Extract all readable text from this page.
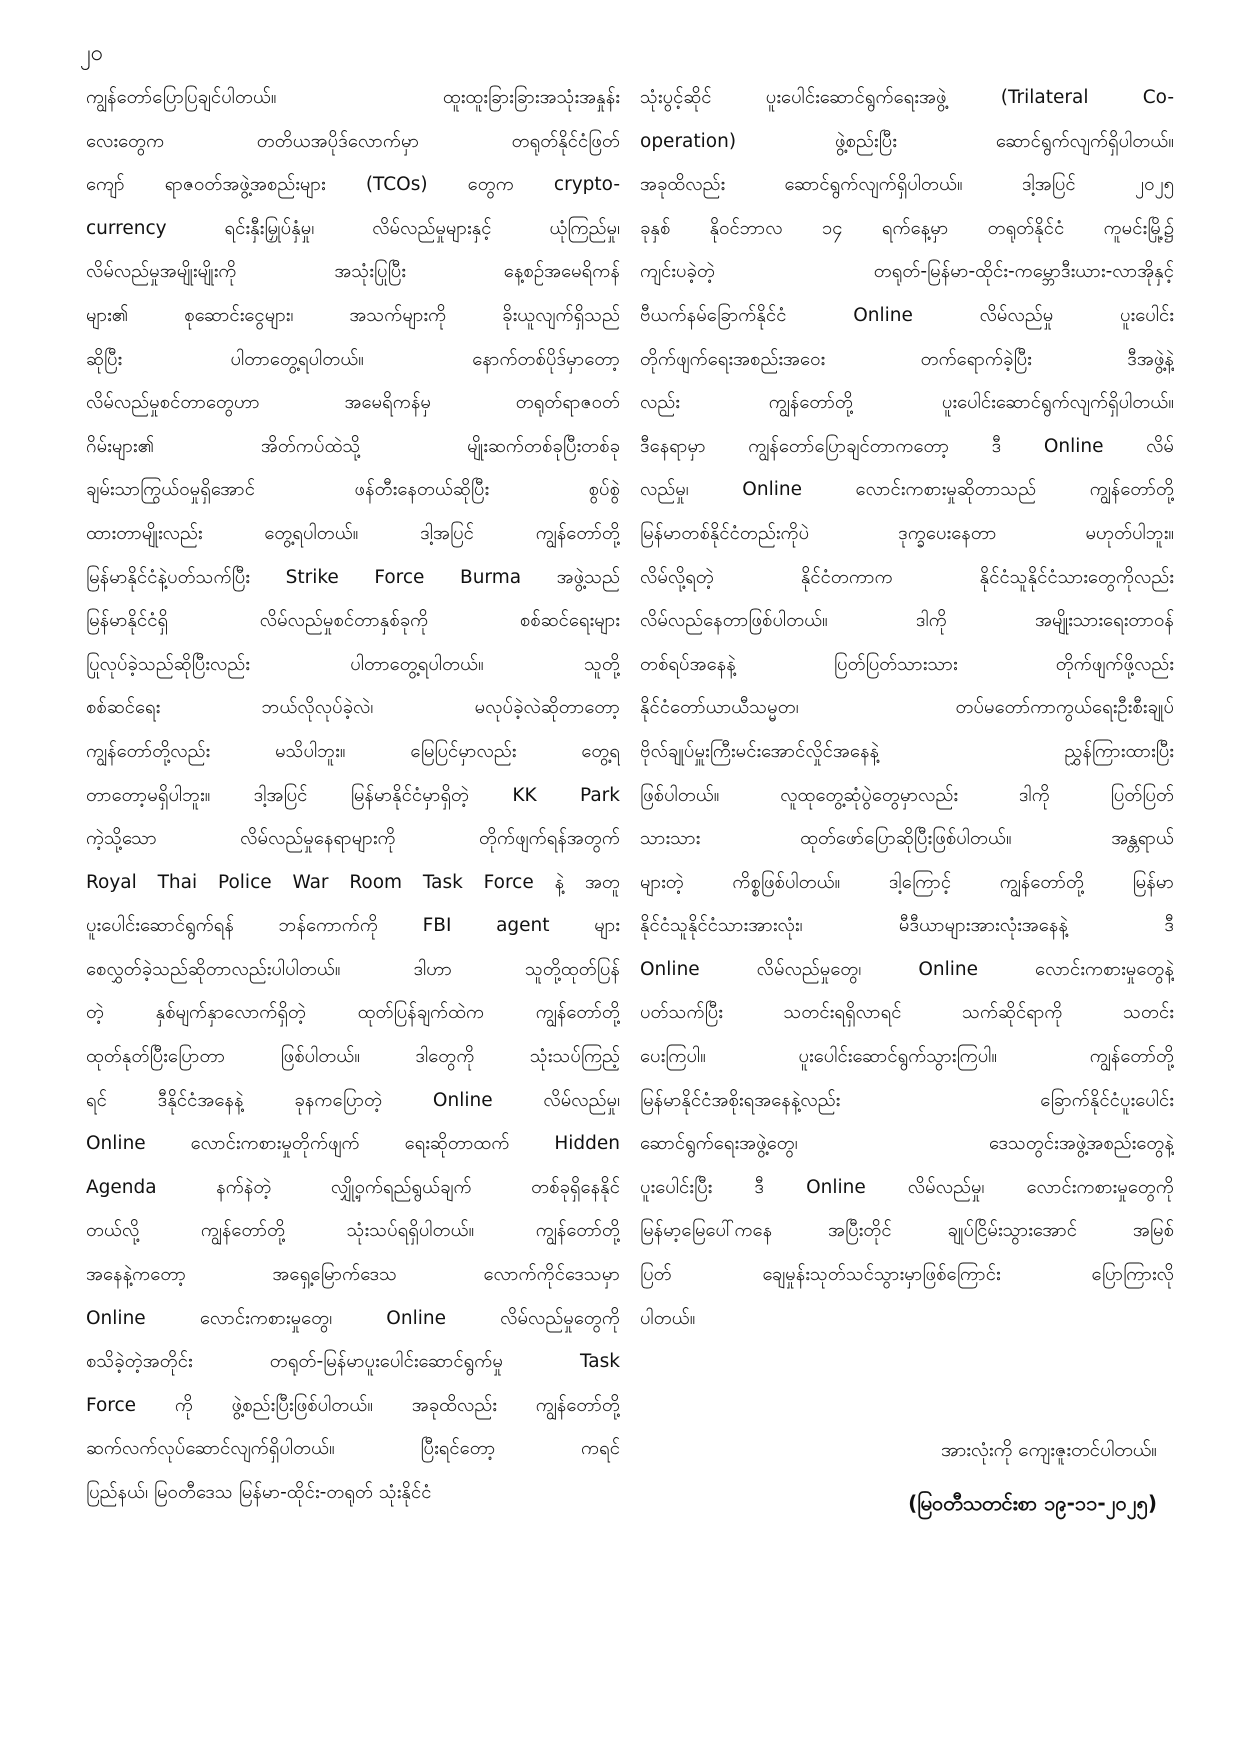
၂၀
ကျွန်တော်ပြောပြချင်ပါတယ်။ ထူးထူးခြားခြားအသုံးအနှုန်း
လေးတွေက တတိယအပိုဒ်လောက်မှာ တရုတ်နိုင်ငံဖြတ်
ကျော် ရာဇဝတ်အဖွဲ့အစည်းများ (TCOs) တွေက crypto-
currency ရင်းနှီးမြှုပ်နှံမှု၊ လိမ်လည်မှုများနှင့် ယုံကြည်မှု၊
လိမ်လည်မှုအမျိုးမျိုးကို အသုံးပြုပြီး နေ့စဉ်အမေရိကန်
များ၏ စုဆောင်းငွေများ၊ အသက်များကို ခိုးယူလျက်ရှိသည်
ဆိုပြီး ပါတာတွေ့ရပါတယ်။ နောက်တစ်ပိုဒ်မှာတော့
လိမ်လည်မှုစင်တာတွေဟာ အမေရိကန်မှ တရုတ်ရာဇဝတ်
ဂိမ်းများ၏ အိတ်ကပ်ထဲသို့ မျိုးဆက်တစ်ခုပြီးတစ်ခု
ချမ်းသာကြွယ်ဝမှုရှိအောင် ဖန်တီးနေတယ်ဆိုပြီး စွပ်စွဲ
ထားတာမျိုးလည်း တွေ့ရပါတယ်။ ဒါ့အပြင် ကျွန်တော်တို့
မြန်မာနိုင်ငံနဲ့ပတ်သက်ပြီး Strike Force Burma အဖွဲ့သည်
မြန်မာနိုင်ငံရှိ လိမ်လည်မှုစင်တာနှစ်ခုကို စစ်ဆင်ရေးများ
ပြုလုပ်ခဲ့သည်ဆိုပြီးလည်း ပါတာတွေ့ရပါတယ်။ သူတို့
စစ်ဆင်ရေး ဘယ်လိုလုပ်ခဲ့လဲ၊ မလုပ်ခဲ့လဲဆိုတာတော့
ကျွန်တော်တို့လည်း မသိပါဘူး။ မြေပြင်မှာလည်း တွေ့ရ
တာတော့မရှိပါဘူး။ ဒါ့အပြင် မြန်မာနိုင်ငံမှာရှိတဲ့ KK Park
ကဲ့သို့သော လိမ်လည်မှုနေရာများကို တိုက်ဖျက်ရန်အတွက်
Royal Thai Police War Room Task Force နဲ့ အတူ
ပူးပေါင်းဆောင်ရွက်ရန် ဘန်ကောက်ကို FBI agent များ
စေလွှတ်ခဲ့သည်ဆိုတာလည်းပါပါတယ်။ ဒါဟာ သူတို့ထုတ်ပြန်
တဲ့ နှစ်မျက်နှာလောက်ရှိတဲ့ ထုတ်ပြန်ချက်ထဲက ကျွန်တော်တို့
ထုတ်နုတ်ပြီးပြောတာ ဖြစ်ပါတယ်။ ဒါတွေကို သုံးသပ်ကြည့်
ရင် ဒီနိုင်ငံအနေနဲ့ ခုနကပြောတဲ့ Online လိမ်လည်မှု၊
Online လောင်းကစားမှုတိုက်ဖျက် ရေးဆိုတာထက် Hidden
Agenda နက်နဲတဲ့ လျှို့ဝှက်ရည်ရွယ်ချက် တစ်ခုရှိနေနိုင်
တယ်လို့ ကျွန်တော်တို့ သုံးသပ်ရရှိပါတယ်။ ကျွန်တော်တို့
အနေနဲ့ကတော့ အရှေ့မြောက်ဒေသ လောက်ကိုင်ဒေသမှာ
Online လောင်းကစားမှုတွေ၊ Online လိမ်လည်မှုတွေကို
စသိခဲ့တဲ့အတိုင်း တရုတ်-မြန်မာပူးပေါင်းဆောင်ရွက်မှု Task
Force ကို ဖွဲ့စည်းပြီးဖြစ်ပါတယ်။ အခုထိလည်း ကျွန်တော်တို့
ဆက်လက်လုပ်ဆောင်လျက်ရှိပါတယ်။ ပြီးရင်တော့ ကရင်
ပြည်နယ်၊ မြဝတီဒေသ မြန်မာ-ထိုင်း-တရုတ် သုံးနိုင်ငံ
သုံးပွင့်ဆိုင် ပူးပေါင်းဆောင်ရွက်ရေးအဖွဲ့ (Trilateral Co-
operation) ဖွဲ့စည်းပြီး ဆောင်ရွက်လျက်ရှိပါတယ်။
အခုထိလည်း ဆောင်ရွက်လျက်ရှိပါတယ်။ ဒါ့အပြင် ၂၀၂၅
ခုနှစ် နိုဝင်ဘာလ ၁၄ ရက်နေ့မှာ တရုတ်နိုင်ငံ ကူမင်းမြို့၌
ကျင်းပခဲ့တဲ့ တရုတ်-မြန်မာ-ထိုင်း-ကမ္ဘောဒီးယား-လာအိုနှင့်
ဗီယက်နမ်ခြောက်နိုင်ငံ Online လိမ်လည်မှု ပူးပေါင်း
တိုက်ဖျက်ရေးအစည်းအဝေး တက်ရောက်ခဲ့ပြီး ဒီအဖွဲ့နဲ့
လည်း ကျွန်တော်တို့ ပူးပေါင်းဆောင်ရွက်လျက်ရှိပါတယ်။
ဒီနေရာမှာ ကျွန်တော်ပြောချင်တာကတော့ ဒီ Online လိမ်
လည်မှု၊ Online လောင်းကစားမှုဆိုတာသည် ကျွန်တော်တို့
မြန်မာတစ်နိုင်ငံတည်းကိုပဲ ဒုက္ခပေးနေတာ မဟုတ်ပါဘူး။
လိမ်လို့ရတဲ့ နိုင်ငံတကာက နိုင်ငံသူနိုင်ငံသားတွေကိုလည်း
လိမ်လည်နေတာဖြစ်ပါတယ်။ ဒါကို အမျိုးသားရေးတာဝန်
တစ်ရပ်အနေနဲ့ ပြတ်ပြတ်သားသား တိုက်ဖျက်ဖို့လည်း
နိုင်ငံတော်ယာယီသမ္မတ၊ တပ်မတော်ကာကွယ်ရေးဦးစီးချုပ်
ဗိုလ်ချုပ်မှူးကြီးမင်းအောင်လှိုင်အနေနဲ့ ညွှန်ကြားထားပြီး
ဖြစ်ပါတယ်။ လူထုတွေ့ဆုံပွဲတွေမှာလည်း ဒါကို ပြတ်ပြတ်
သားသား ထုတ်ဖော်ပြောဆိုပြီးဖြစ်ပါတယ်။ အန္တရာယ်
များတဲ့ ကိစ္စဖြစ်ပါတယ်။ ဒါ့ကြောင့် ကျွန်တော်တို့ မြန်မာ
နိုင်ငံသူနိုင်ငံသားအားလုံး၊ မီဒီယာများအားလုံးအနေနဲ့ ဒီ
Online လိမ်လည်မှုတွေ၊ Online လောင်းကစားမှုတွေနဲ့
ပတ်သက်ပြီး သတင်းရရှိလာရင် သက်ဆိုင်ရာကို သတင်း
ပေးကြပါ။ ပူးပေါင်းဆောင်ရွက်သွားကြပါ။ ကျွန်တော်တို့
မြန်မာနိုင်ငံအစိုးရအနေနဲ့လည်း ခြောက်နိုင်ငံပူးပေါင်း
ဆောင်ရွက်ရေးအဖွဲ့တွေ၊ ဒေသတွင်းအဖွဲ့အစည်းတွေနဲ့
ပူးပေါင်းပြီး ဒီ Online လိမ်လည်မှု၊ လောင်းကစားမှုတွေကို
မြန်မာ့မြေပေါ်ကနေ အပြီးတိုင် ချုပ်ငြိမ်းသွားအောင် အမြစ်
ပြတ် ချေမှုန်းသုတ်သင်သွားမှာဖြစ်ကြောင်း ပြောကြားလို
ပါတယ်။
အားလုံးကို ကျေးဇူးတင်ပါတယ်။
(မြဝတီသတင်းစာ ၁၉-၁၁-၂၀၂၅)
